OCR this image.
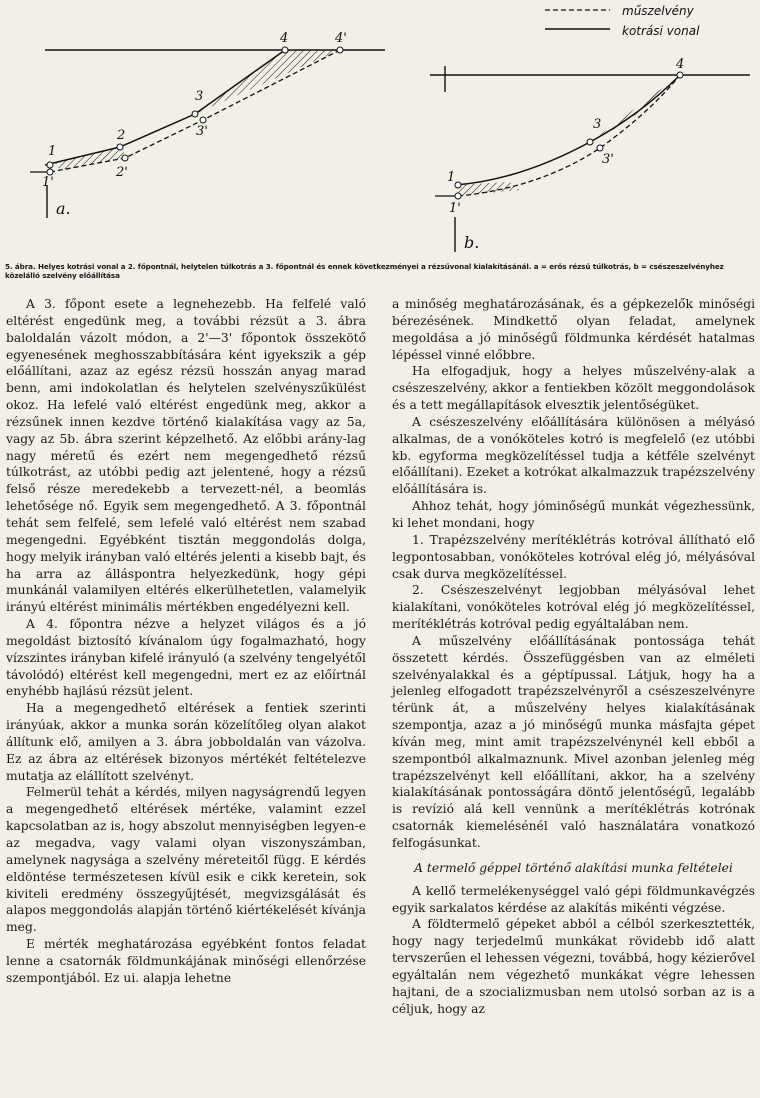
műszelvény
kotrási vonal
1
1'
2
2'
3
3'
4	4'
a.
1
1'
3
3'
4
b.
5. ábra. Helyes kotrási vonal a 2. főpontnál, helytelen túlkotrás a 3. főpontnál és ennek következményei a rézsűvonal kialakításánál. a = erős rézsű túlkotrás, b = csészeszelvényhez közelálló szelvény előállítása

A 3. főpont esete a legnehezebb. Ha felfelé való eltérést engedünk meg, a további rézsüt a 3. ábra baloldalán vázolt módon, a 2'—3' főpontok összekötő egyenesének meghosszabbítására ként igyekszik a gép előállítani, azaz az egész rézsü hosszán anyag marad benn, ami indokolatlan és helytelen szelvényszűkülést okoz. Ha lefelé való eltérést engedünk meg, akkor a rézsűnek innen kezdve történő kialakítása vagy az 5a, vagy az 5b. ábra szerint képzelhető. Az előbbi arány-lag nagy méretű és ezért nem megengedhető rézsű túlkotrást, az utóbbi pedig azt jelentené, hogy a rézsű felső része meredekebb a tervezett-nél, a beomlás lehetősége nő. Egyik sem megengedhető. A 3. főpontnál tehát sem felfelé, sem lefelé való eltérést nem szabad megengedni. Egyébként tisztán meggondolás dolga, hogy melyik irányban való eltérés jelenti a kisebb bajt, és ha arra az álláspontra helyezkedünk, hogy gépi munkánál valamilyen eltérés elkerülhetetlen, valamelyik irányú eltérést minimális mértékben engedélyezni kell.

A 4. főpontra nézve a helyzet világos és a jó megoldást biztosító kívánalom úgy fogalmazható, hogy vízszintes irányban kifelé irányuló (a szelvény tengelyétől távolódó) eltérést kell megengedni, mert ez az előírtnál enyhébb hajlású rézsüt jelent.

Ha a megengedhető eltérések a fentiek szerinti irányúak, akkor a munka során közelítőleg olyan alakot állítunk elő, amilyen a 3. ábra jobboldalán van vázolva. Ez az ábra az eltérések bizonyos mértékét feltételezve mutatja az elállított szelvényt.

Felmerül tehát a kérdés, milyen nagyságrendű legyen a megengedhető eltérések mértéke, valamint ezzel kapcsolatban az is, hogy abszolut mennyiségben legyen-e az megadva, vagy valami olyan viszonyszámban, amelynek nagysága a szelvény méreteitől függ. E kérdés eldöntése természetesen kívül esik e cikk keretein, sok kiviteli eredmény összegyűjtését, megvizsgálását és alapos meggondolás alapján történő kiértékelését kívánja meg.

E mérték meghatározása egyébként fontos feladat lenne a csatornák földmunkájának minőségi ellenőrzése szempontjából. Ez ui. alapja lehetne

a minőség meghatározásának, és a gépkezelők minőségi bérezésének. Mindkettő olyan feladat, amelynek megoldása a jó minőségű földmunka kérdését hatalmas lépéssel vinné előbbre.

Ha elfogadjuk, hogy a helyes műszelvény-alak a csészeszelvény, akkor a fentiekben közölt meggondolások és a tett megállapítások elvesztik jelentőségüket.

A csészeszelvény előállítására különösen a mélyásó alkalmas, de a vonóköteles kotró is megfelelő (ez utóbbi kb. egyforma megközelítéssel tudja a kétféle szelvényt előállítani). Ezeket a kotrókat alkalmazzuk trapézszelvény előállítására is.

Ahhoz tehát, hogy jóminőségű munkát végezhessünk, ki lehet mondani, hogy

1. Trapézszelvény merítéklétrás kotróval állítható elő legpontosabban, vonóköteles kotróval elég jó, mélyásóval csak durva megközelítéssel.

2. Csészeszelvényt legjobban mélyásóval lehet kialakítani, vonóköteles kotróval elég jó megközelítéssel, merítéklétrás kotróval pedig egyáltalában nem.

A műszelvény előállításának pontossága tehát összetett kérdés. Összefüggésben van az elméleti szelvényalakkal és a géptípussal. Látjuk, hogy ha a jelenleg elfogadott trapézszelvényről a csészeszelvényre térünk át, a műszelvény helyes kialakításának szempontja, azaz a jó minőségű munka másfajta gépet kíván meg, mint amit trapézszelvénynél kell ebből a szempontból alkalmaznunk. Mivel azonban jelenleg még trapézszelvényt kell előállítani, akkor, ha a szelvény kialakításának pontosságára döntő jelentőségű, legalább is revízió alá kell vennünk a merítéklétrás kotrónak csatornák kiemelésénél való használatára vonatkozó felfogásunkat.

A termelő géppel történő alakítási munka feltételei

A kellő termelékenységgel való gépi földmunkavégzés egyik sarkalatos kérdése az alakítás mikénti végzése.

A földtermelő gépeket abból a célból szerkesztették, hogy nagy terjedelmű munkákat rövidebb idő alatt tervszerűen el lehessen végezni, továbbá, hogy kézierővel egyáltalán nem végezhető munkákat végre lehessen hajtani, de a szocializmusban nem utolsó sorban az is a céljuk, hogy az
